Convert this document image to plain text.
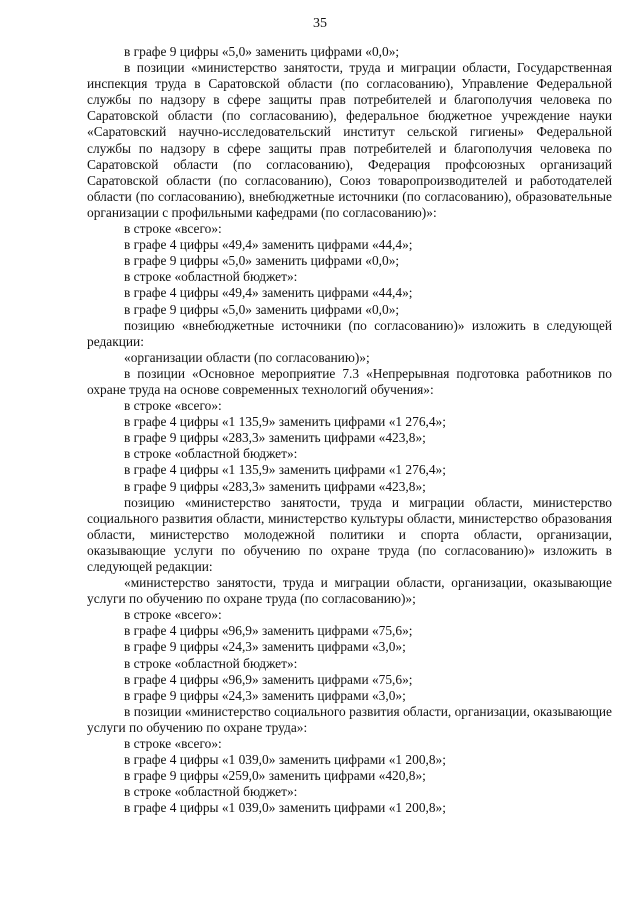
35

в графе 9 цифры «5,0» заменить цифрами «0,0»;

в позиции «министерство занятости, труда и миграции области, Государственная инспекция труда в Саратовской области (по согласованию), Управление Федеральной службы по надзору в сфере защиты прав потребителей и благополучия человека по Саратовской области (по согласованию), федеральное бюджетное учреждение науки «Саратовский научно-исследовательский институт сельской гигиены» Федеральной службы по надзору в сфере защиты прав потребителей и благополучия человека по Саратовской области (по согласованию), Федерация профсоюзных организаций Саратовской области (по согласованию), Союз товаропроизводителей и работодателей области (по согласованию), внебюджетные источники (по согласованию), образовательные организации с профильными кафедрами (по согласованию)»:

в строке «всего»:

в графе 4 цифры «49,4» заменить цифрами «44,4»;

в графе 9 цифры «5,0» заменить цифрами «0,0»;

в строке «областной бюджет»:

в графе 4 цифры «49,4» заменить цифрами «44,4»;

в графе 9 цифры «5,0» заменить цифрами «0,0»;

позицию «внебюджетные источники (по согласованию)» изложить в следующей редакции:

«организации области (по согласованию)»;

в позиции «Основное мероприятие 7.3 «Непрерывная подготовка работников по охране труда на основе современных технологий обучения»:

в строке «всего»:

в графе 4 цифры «1 135,9» заменить цифрами «1 276,4»;

в графе 9 цифры «283,3» заменить цифрами «423,8»;

в строке «областной бюджет»:

в графе 4 цифры «1 135,9» заменить цифрами «1 276,4»;

в графе 9 цифры «283,3» заменить цифрами «423,8»;

позицию «министерство занятости, труда и миграции области, министерство социального развития области, министерство культуры области, министерство образования области, министерство молодежной политики и спорта области, организации, оказывающие услуги по обучению по охране труда (по согласованию)» изложить в следующей редакции:

«министерство занятости, труда и миграции области, организации, оказывающие услуги по обучению по охране труда (по согласованию)»;

в строке «всего»:

в графе 4 цифры «96,9» заменить цифрами «75,6»;

в графе 9 цифры «24,3» заменить цифрами «3,0»;

в строке «областной бюджет»:

в графе 4 цифры «96,9» заменить цифрами «75,6»;

в графе 9 цифры «24,3» заменить цифрами «3,0»;

в позиции «министерство социального развития области, организации, оказывающие услуги по обучению по охране труда»:

в строке «всего»:

в графе 4 цифры «1 039,0» заменить цифрами «1 200,8»;

в графе 9 цифры «259,0» заменить цифрами «420,8»;

в строке «областной бюджет»:

в графе 4 цифры «1 039,0» заменить цифрами «1 200,8»;
